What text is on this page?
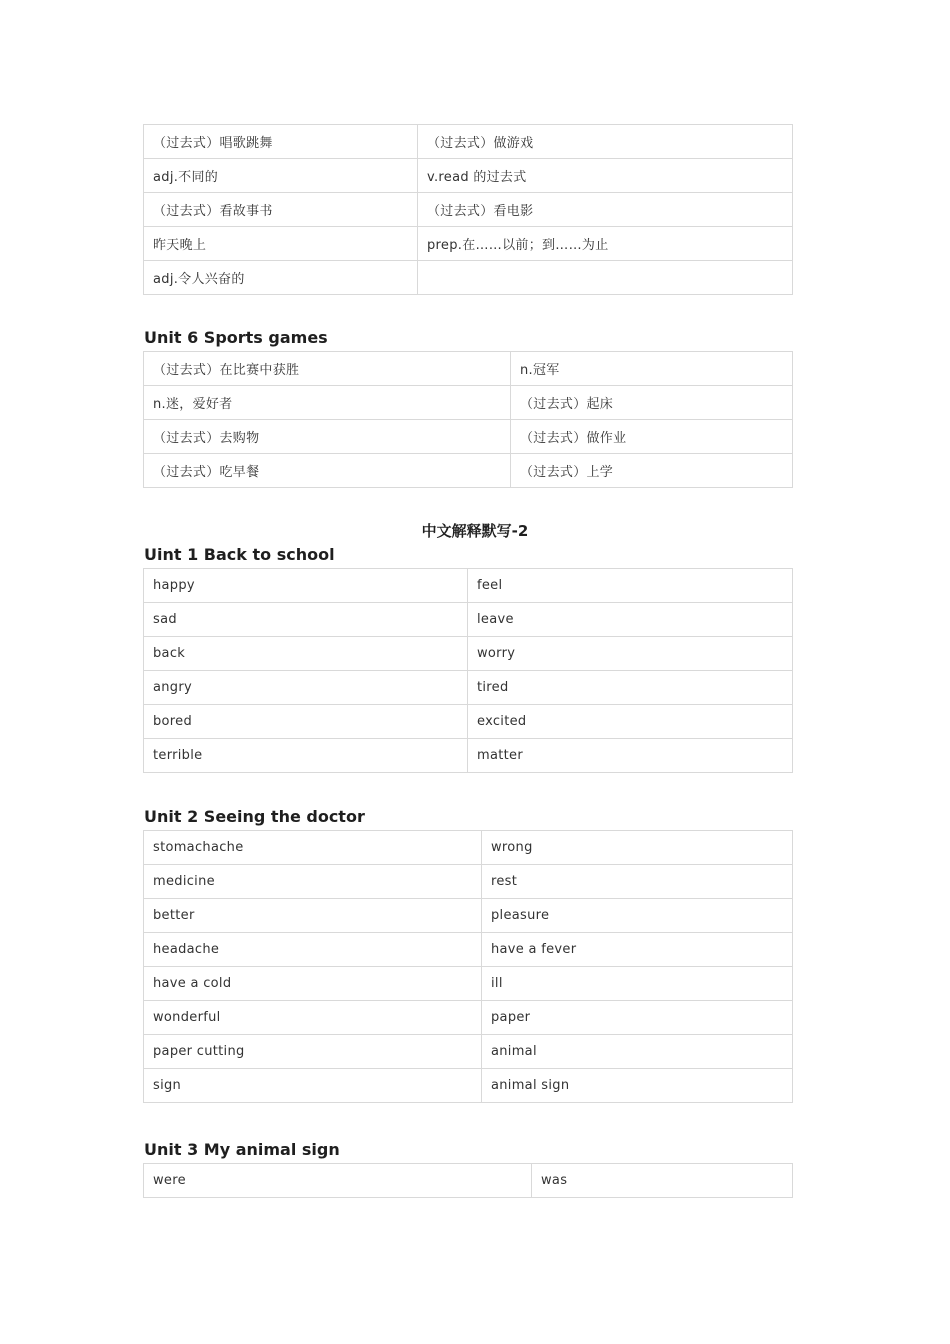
（过去式）唱歌跳舞	（过去式）做游戏
adj.不同的	v.read 的过去式
（过去式）看故事书	（过去式）看电影
昨天晚上	prep.在……以前；到……为止
adj.令人兴奋的	
Unit 6 Sports games
（过去式）在比赛中获胜	n.冠军
n.迷，爱好者	（过去式）起床
（过去式）去购物	（过去式）做作业
（过去式）吃早餐	（过去式）上学
中文解释默写-2
Uint 1 Back to school
happy	feel
sad	leave
back	worry
angry	tired
bored	excited
terrible	matter
Unit 2 Seeing the doctor
stomachache	wrong
medicine	rest
better	pleasure
headache	have a fever
have a cold	ill
wonderful	paper
paper cutting	animal
sign	animal sign
Unit 3 My animal sign
were	was
